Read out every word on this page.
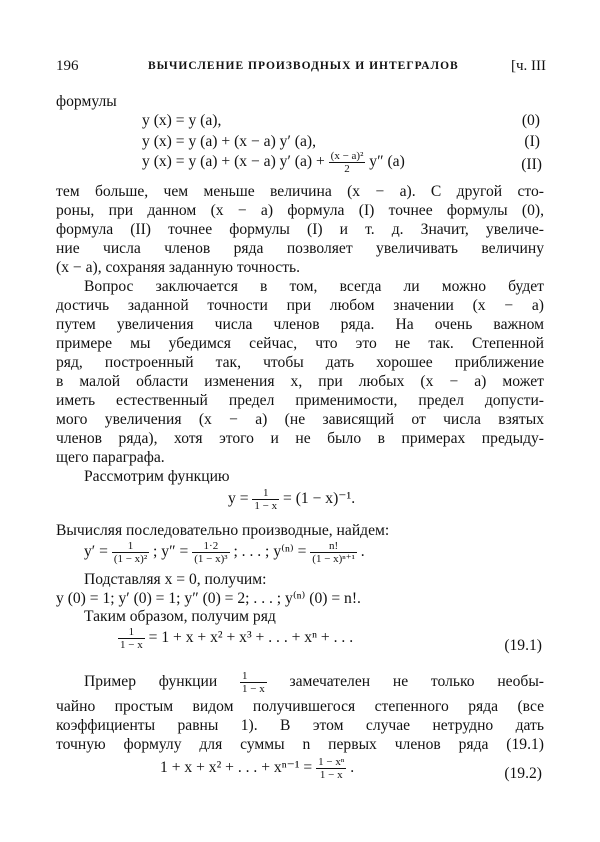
196	ВЫЧИСЛЕНИЕ ПРОИЗВОДНЫХ И ИНТЕГРАЛОВ	[ч. III
формулы
y (x) = y (a),	(0)
y (x) = y (a) + (x − a) y′ (a),	(I)
y (x) = y (a) + (x − a) y′ $(a) + \frac{\text{(x − a)²}}{2} y''$ (a)	(II)
тем больше, чем меньше величина (x − a). С другой сто-
роны, при данном (x − a) формула (I) точнее формулы (0),
формула (II) точнее формулы (I) и т. д. Значит, увеличе-
ние числа членов ряда позволяет увеличивать величину
(x − a), сохраняя заданную точность.
Вопрос заключается в том, всегда ли можно будет
достичь заданной точности при любом значении (x − a)
путем увеличения числа членов ряда. На очень важном
примере мы убедимся сейчас, что это не так. Степенной
ряд, построенный так, чтобы дать хорошее приближение
в малой области изменения x, при любых (x − a) может
иметь естественный предел применимости, предел допусти-
мого увеличения (x − a) (не зависящий от числа взятых
членов ряда), хотя этого и не было в примерах предыду-
щего параграфа.
Рассмотрим функцию
$y = \frac{1}{1 - x} = (1 - x)^{-1}$.
Вычисляя последовательно производные, найдем:
$y' = \frac{1}{\text{(1 − x)²}}$ ; $y'' = \frac{1\cdot 2}{\text{(1 − x)³}}$ ; . . . ; $y^{(n)} = \frac{n!}{\text{(1 − x)ⁿ⁺¹}}$ .
Подставляя x = 0, получим:
y (0) = 1; y′ (0) = 1; y″ (0) = 2; . . . ; y⁽ⁿ⁾ (0) = n!.
Таким образом, получим ряд
$\frac{1}{1 - x} = 1 + x + x^2 + x^3$ + . . . + xⁿ + . . .	(19.1)
Пример функции $\frac{1}{1 - x}$ замечателен не только необы-
чайно простым видом получившегося степенного ряда (все
коэффициенты равны 1). В этом случае нетрудно дать
точную формулу для суммы n первых членов ряда (19.1)
1 + x + x² + . . . + $x^{n-1} = \frac{\text{1 − xⁿ}}{1 - x}$ .	(19.2)
